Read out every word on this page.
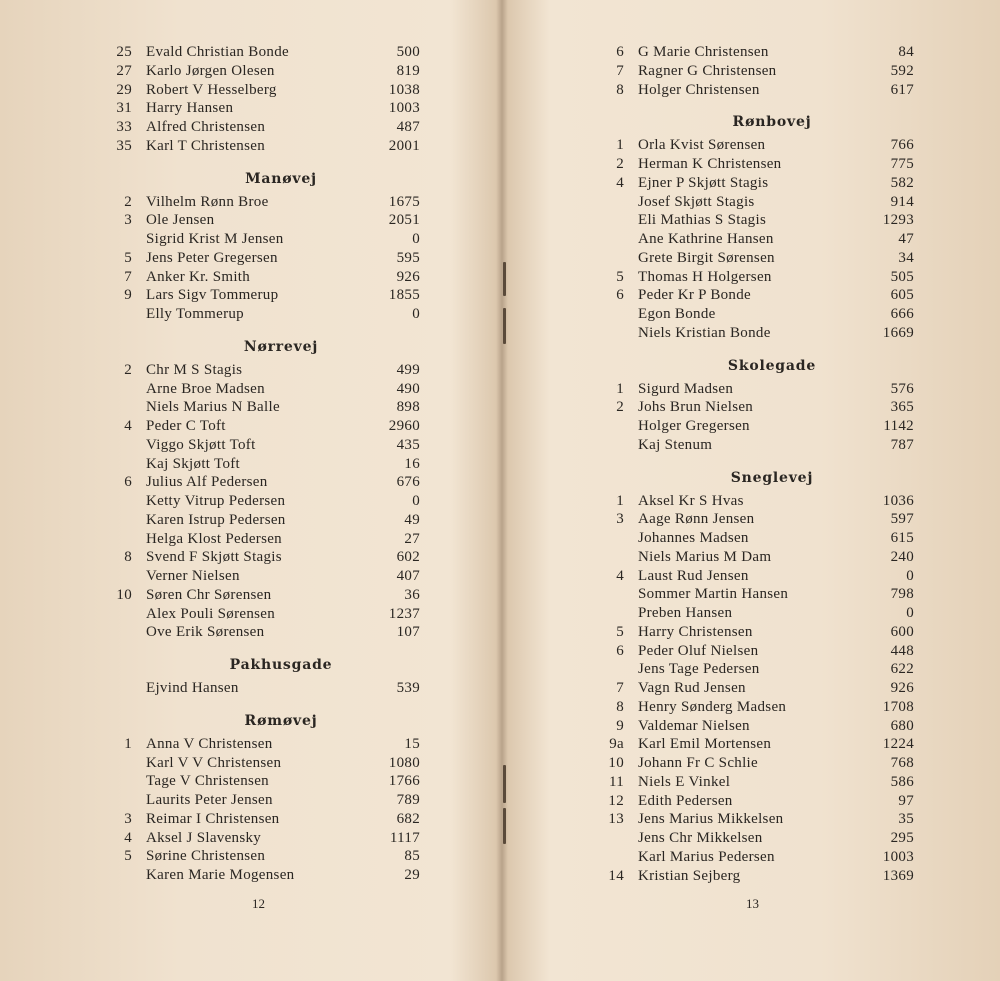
25 Evald Christian Bonde	500
27 Karlo Jørgen Olesen	819
29 Robert V Hesselberg	1038
31 Harry Hansen	1003
33 Alfred Christensen	487
35 Karl T Christensen	2001
Manøvej
2 Vilhelm Rønn Broe	1675
3 Ole Jensen	2051
Sigrid Krist M Jensen	0
5 Jens Peter Gregersen	595
7 Anker Kr. Smith	926
9 Lars Sigv Tommerup	1855
Elly Tommerup	0
Nørrevej
2 Chr M S Stagis	499
Arne Broe Madsen	490
Niels Marius N Balle	898
4 Peder C Toft	2960
Viggo Skjøtt Toft	435
Kaj Skjøtt Toft	16
6 Julius Alf Pedersen	676
Ketty Vitrup Pedersen	0
Karen Istrup Pedersen	49
Helga Klost Pedersen	27
8 Svend F Skjøtt Stagis	602
Verner Nielsen	407
10 Søren Chr Sørensen	36
Alex Pouli Sørensen	1237
Ove Erik Sørensen	107
Pakhusgade
Ejvind Hansen	539
Rømøvej
1 Anna V Christensen	15
Karl V V Christensen	1080
Tage V Christensen	1766
Laurits Peter Jensen	789
3 Reimar I Christensen	682
4 Aksel J Slavensky	1117
5 Sørine Christensen	85
Karen Marie Mogensen	29
12
6 G Marie Christensen	84
7 Ragner G Christensen	592
8 Holger Christensen	617
Rønbovej
1 Orla Kvist Sørensen	766
2 Herman K Christensen	775
4 Ejner P Skjøtt Stagis	582
Josef Skjøtt Stagis	914
Eli Mathias S Stagis	1293
Ane Kathrine Hansen	47
Grete Birgit Sørensen	34
5 Thomas H Holgersen	505
6 Peder Kr P Bonde	605
Egon Bonde	666
Niels Kristian Bonde	1669
Skolegade
1 Sigurd Madsen	576
2 Johs Brun Nielsen	365
Holger Gregersen	1142
Kaj Stenum	787
Sneglevej
1 Aksel Kr S Hvas	1036
3 Aage Rønn Jensen	597
Johannes Madsen	615
Niels Marius M Dam	240
4 Laust Rud Jensen	0
Sommer Martin Hansen	798
Preben Hansen	0
5 Harry Christensen	600
6 Peder Oluf Nielsen	448
Jens Tage Pedersen	622
7 Vagn Rud Jensen	926
8 Henry Sønderg Madsen	1708
9 Valdemar Nielsen	680
9a Karl Emil Mortensen	1224
10 Johann Fr C Schlie	768
11 Niels E Vinkel	586
12 Edith Pedersen	97
13 Jens Marius Mikkelsen	35
Jens Chr Mikkelsen	295
Karl Marius Pedersen	1003
14 Kristian Sejberg	1369
13
